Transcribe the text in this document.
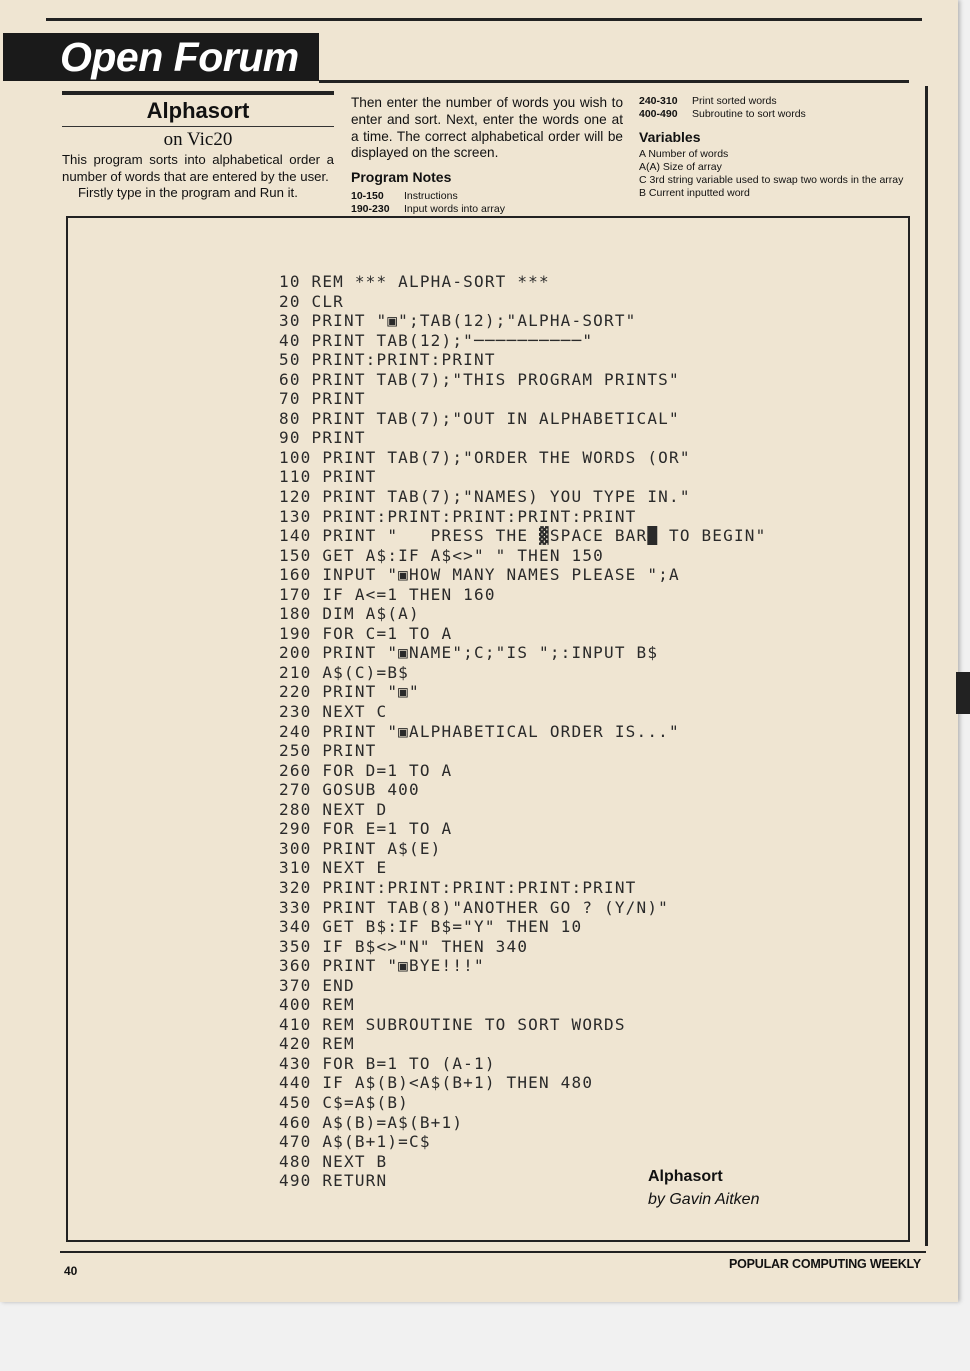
Open Forum
Alphasort
on Vic20

This program sorts into alphabetical order a number of words that are entered by the user.

Firstly type in the program and Run it.

Then enter the number of words you wish to enter and sort. Next, enter the words one at a time. The correct alphabetical order will be displayed on the screen.

Program Notes
10-150	Instructions
190-230	Input words into array
240-310	Print sorted words
400-490	Subroutine to sort words
Variables
A Number of words
A(A) Size of array
C 3rd string variable used to swap two words in the array
B Current inputted word
10 REM *** ALPHA-SORT ***
20 CLR
30 PRINT "▣";TAB(12);"ALPHA-SORT"
40 PRINT TAB(12);"──────────"
50 PRINT:PRINT:PRINT
60 PRINT TAB(7);"THIS PROGRAM PRINTS"
70 PRINT
80 PRINT TAB(7);"OUT IN ALPHABETICAL"
90 PRINT
100 PRINT TAB(7);"ORDER THE WORDS (OR"
110 PRINT
120 PRINT TAB(7);"NAMES) YOU TYPE IN."
130 PRINT:PRINT:PRINT:PRINT:PRINT
140 PRINT "   PRESS THE ▓SPACE BAR█ TO BEGIN"
150 GET A$:IF A$<>" " THEN 150
160 INPUT "▣HOW MANY NAMES PLEASE ";A
170 IF A<=1 THEN 160
180 DIM A$(A)
190 FOR C=1 TO A
200 PRINT "▣NAME";C;"IS ";:INPUT B$
210 A$(C)=B$
220 PRINT "▣"
230 NEXT C
240 PRINT "▣ALPHABETICAL ORDER IS..."
250 PRINT
260 FOR D=1 TO A
270 GOSUB 400
280 NEXT D
290 FOR E=1 TO A
300 PRINT A$(E)
310 NEXT E
320 PRINT:PRINT:PRINT:PRINT:PRINT
330 PRINT TAB(8)"ANOTHER GO ? (Y/N)"
340 GET B$:IF B$="Y" THEN 10
350 IF B$<>"N" THEN 340
360 PRINT "▣BYE!!!"
370 END
400 REM
410 REM SUBROUTINE TO SORT WORDS
420 REM
430 FOR B=1 TO (A-1)
440 IF A$(B)<A$(B+1) THEN 480
450 C$=A$(B)
460 A$(B)=A$(B+1)
470 A$(B+1)=C$
480 NEXT B
490 RETURN	Alphasort
by Gavin Aitken
40	POPULAR COMPUTING WEEKLY
